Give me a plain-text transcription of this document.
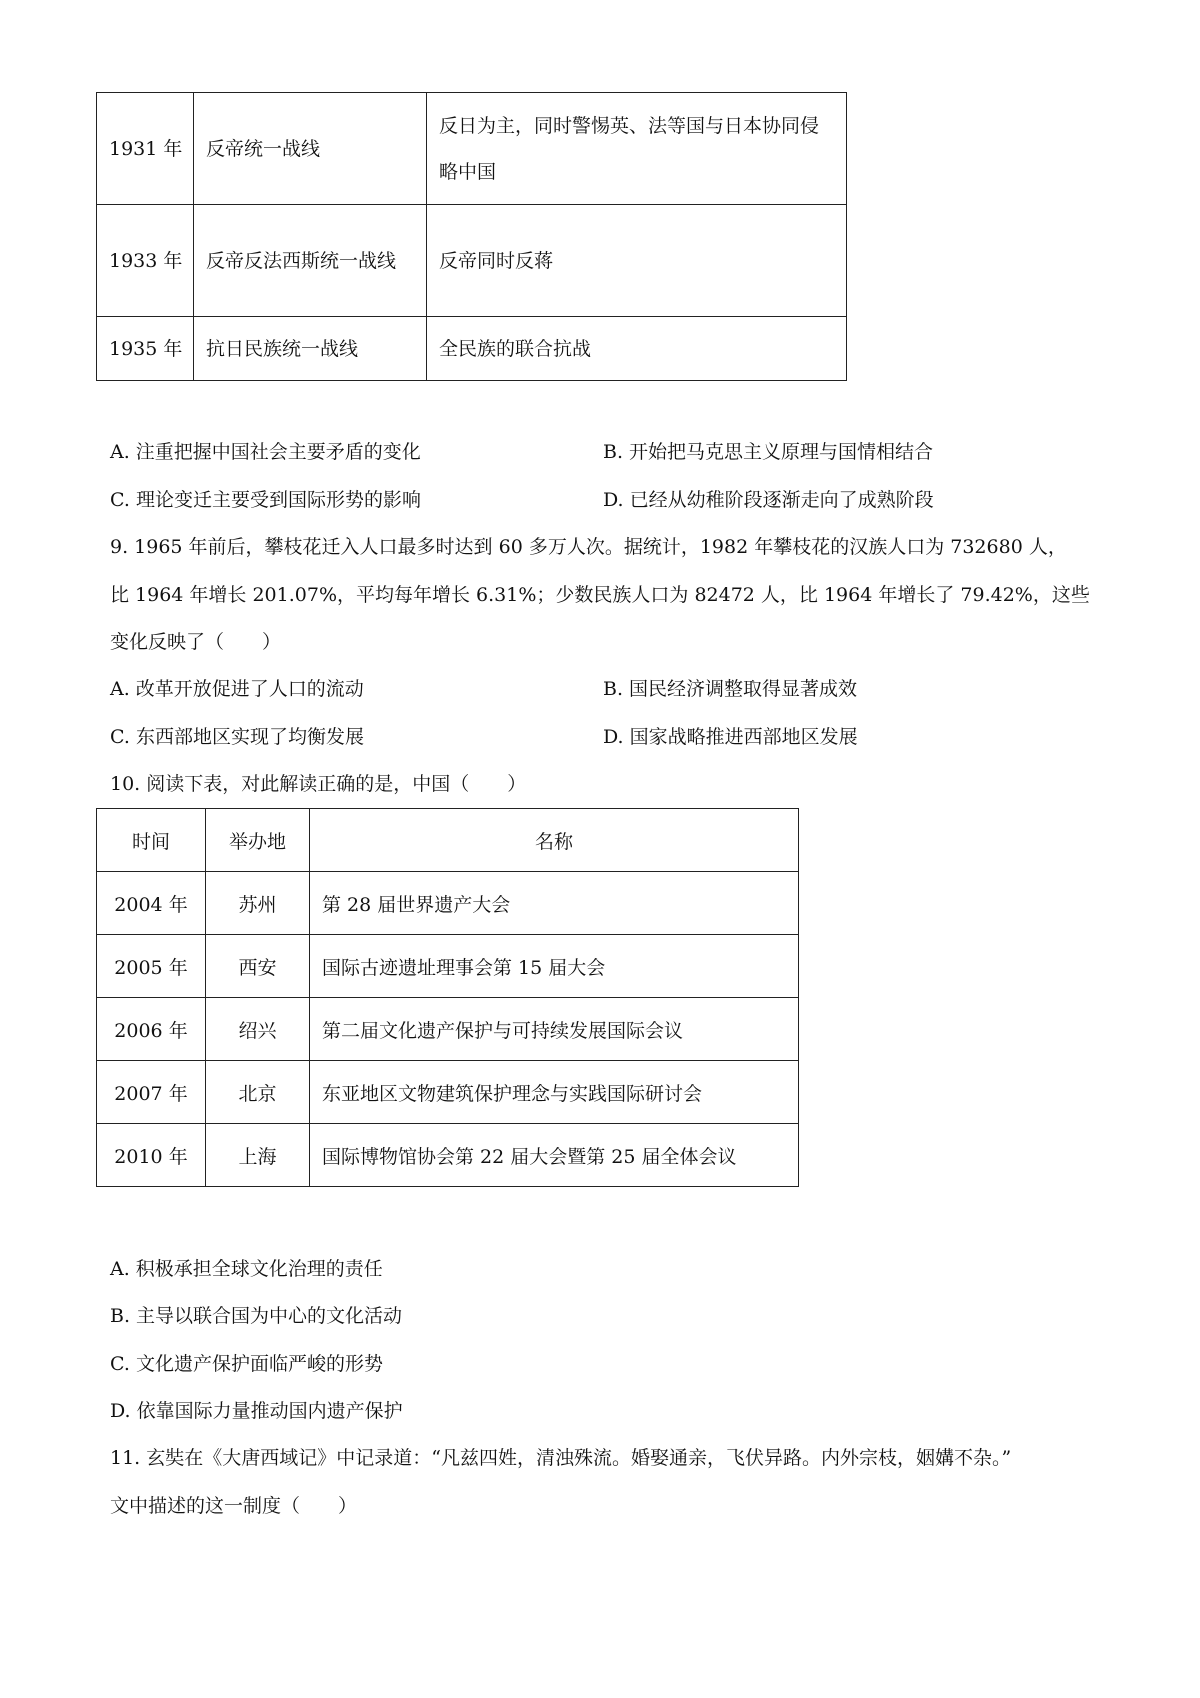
1931 年	反帝统一战线	反日为主，同时警惕英、法等国与日本协同侵略中国
1933 年	反帝反法西斯统一战线	反帝同时反蒋
1935 年	抗日民族统一战线	全民族的联合抗战
A. 注重把握中国社会主要矛盾的变化	B. 开始把马克思主义原理与国情相结合
C. 理论变迁主要受到国际形势的影响	D. 已经从幼稚阶段逐渐走向了成熟阶段
9. 1965 年前后，攀枝花迁入人口最多时达到 60 多万人次。据统计，1982 年攀枝花的汉族人口为 732680 人，
比 1964 年增长 201.07%，平均每年增长 6.31%；少数民族人口为 82472 人，比 1964 年增长了 79.42%，这些
变化反映了（　　）
A. 改革开放促进了人口的流动	B. 国民经济调整取得显著成效
C. 东西部地区实现了均衡发展	D. 国家战略推进西部地区发展
10. 阅读下表，对此解读正确的是，中国（　　）
时间	举办地	名称
2004 年	苏州	第 28 届世界遗产大会
2005 年	西安	国际古迹遗址理事会第 15 届大会
2006 年	绍兴	第二届文化遗产保护与可持续发展国际会议
2007 年	北京	东亚地区文物建筑保护理念与实践国际研讨会
2010 年	上海	国际博物馆协会第 22 届大会暨第 25 届全体会议
A. 积极承担全球文化治理的责任
B. 主导以联合国为中心的文化活动
C. 文化遗产保护面临严峻的形势
D. 依靠国际力量推动国内遗产保护
11. 玄奘在《大唐西域记》中记录道：“凡兹四姓，清浊殊流。婚娶通亲，飞伏异路。内外宗枝，姻媾不杂。”
文中描述的这一制度（　　）
